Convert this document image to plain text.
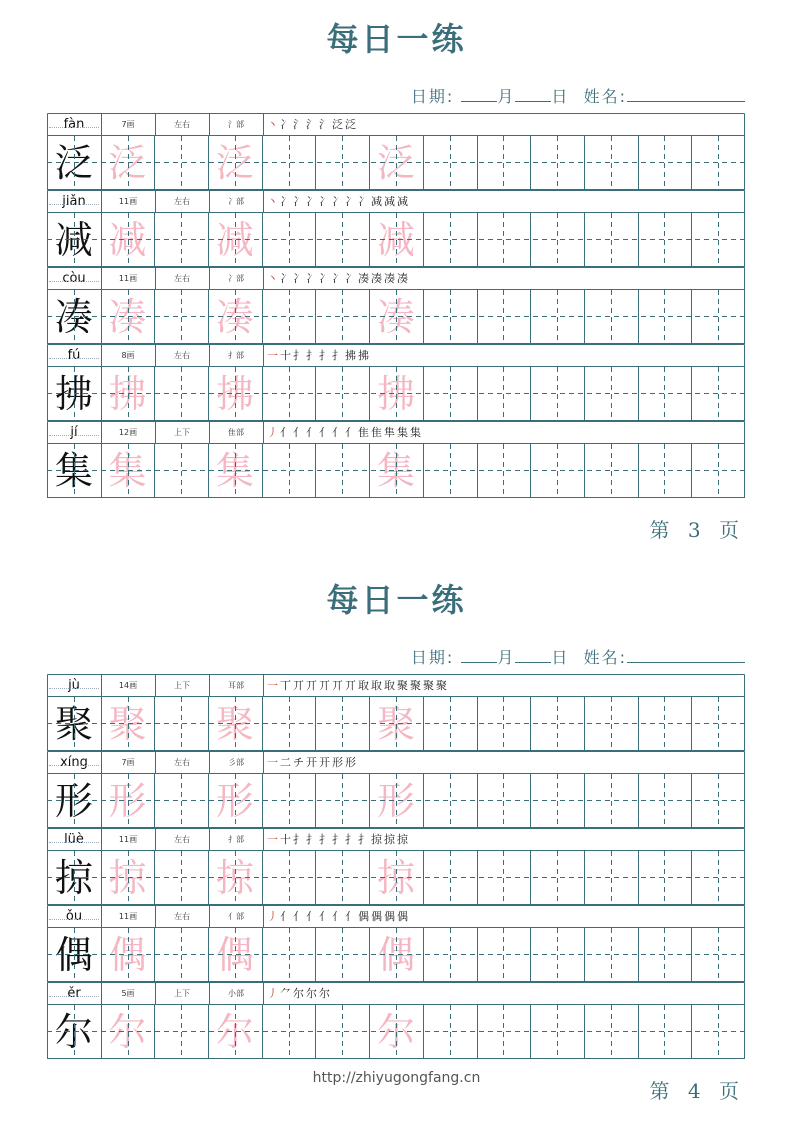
每日一练
日期:	月 日 姓名:
fàn	7画	左右	氵部	丶 冫 氵 氵 氵 泛 泛
泛 泛 泛	泛
jiǎn	11画	左右	冫部	丶 冫 冫 冫 冫 冫 冫 冫 减 减 减
减 减 减	减
còu	11画	左右	冫部	丶 冫 冫 冫 冫 冫 冫 凑 凑 凑 凑
凑 凑 凑	凑
fú	8画	左右	扌部	一 十 扌 扌 扌 扌 拂 拂
拂 拂 拂	拂
jí	12画	上下	隹部	丿 亻 亻 亻 亻 亻 亻 隹 隹 隼 集 集
集 集 集	集
第 3 页
每日一练
日期:	月 日 姓名:
jù	14画	上下	耳部	一 丅 丌 丌 丌 丌 丌 取 取 取 聚 聚 聚 聚
聚 聚 聚	聚
xíng	7画	左右	彡部	一 二 チ 开 开 形 形
形 形 形	形
lüè	11画	左右	扌部	一 十 扌 扌 扌 扌 扌 扌 掠 掠 掠
掠 掠 掠	掠
ǒu	11画	左右	亻部	丿 亻 亻 亻 亻 亻 亻 偶 偶 偶 偶
偶 偶 偶	偶
ěr	5画	上下	小部	丿 ⺈ 尔 尔 尔
尔 尔 尔	尔
第 4 页
http://zhiyugongfang.cn
